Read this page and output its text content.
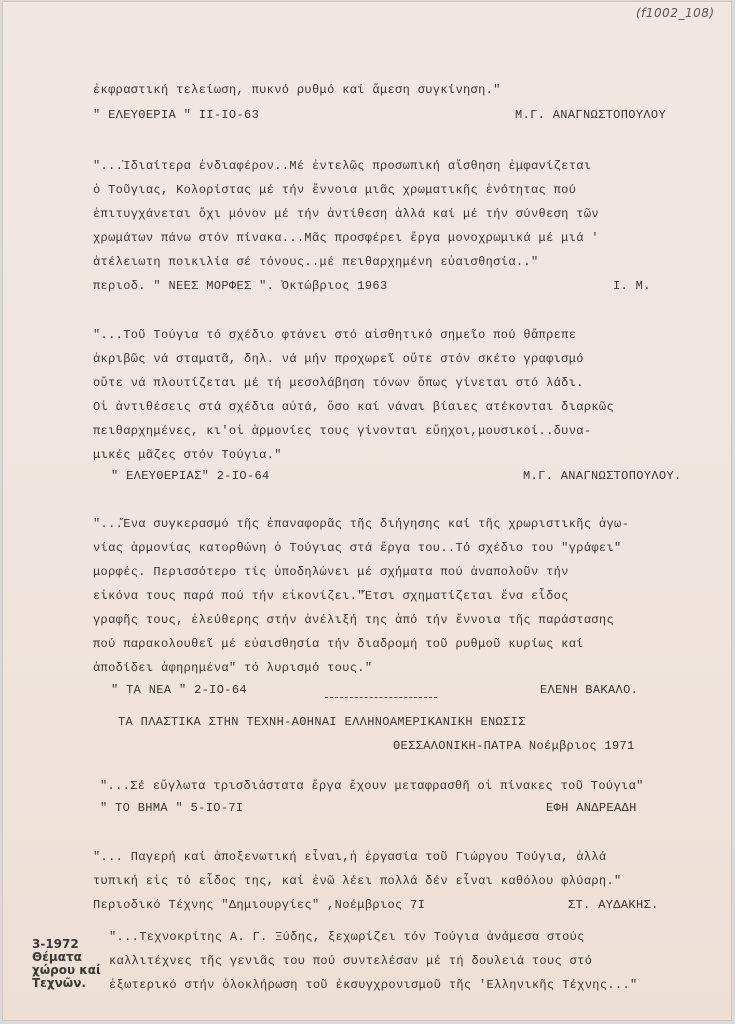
(f1002_108)
ἐκφραστική τελείωση, πυκνό ρυθμό καί ἄμεση συγκίνηση."
" ΕΛΕΥΘΕΡΙΑ " II-IO-63	Μ.Γ. ΑΝΑΓΝΩΣΤΟΠΟΥΛΟΥ
"...Ἰδιαίτερα ἐνδιαφέρον..Μέ ἐντελῶς προσωπική αἴσθηση ἐμφανίζεται
ὁ Τοῦγιας, Κολορίστας μέ τήν ἔννοια μιᾶς χρωματικῆς ἑνότητας πού
ἐπιτυγχάνεται ὄχι μόνον μέ τήν ἀντίθεση ἀλλά καί μέ τήν σύνθεση τῶν
χρωμάτων πάνω στόν πίνακα...Μᾶς προσφέρει ἔργα μονοχρωμικά μέ μιά '
ἀτέλειωτη ποικιλία σέ τόνους..μέ πειθαρχημένη εὐαισθησία.."
περιοδ. " ΝΕΕΣ ΜΟΡΦΕΣ ". Ὀκτώβριος 1963	Ι. Μ.
"...Τοῦ Τούγια τό σχέδιο φτάνει στό αἰσθητικό σημεῖο πού θἄπρεπε
ἀκριβῶς νά σταματᾶ, δηλ. νά μήν προχωρεῖ οὔτε στόν σκέτο γραφισμό
οὔτε νά πλουτίζεται μέ τή μεσολάβηση τόνων ὅπως γίνεται στό λάδι.
Οἱ ἀντιθέσεις στά σχέδια αὐτά, ὅσο καί νάναι βίαιες ατέκονται διαρκῶς
πειθαρχημένες, κι'οἱ ἁρμονίες τους γίνονται εὔηχοι,μουσικοί..δυνα-
μικές μᾶζες στόν Τούγια."
" ΕΛΕΥΘΕΡΙΑΣ" 2-IO-64	Μ.Γ. ΑΝΑΓΝΩΣΤΟΠΟΥΛΟΥ.
"...Ἕνα συγκερασμό τῆς ἐπαναφορᾶς τῆς διήγησης καί τῆς χρωριστικῆς ἀγω-
νίας ἁρμονίας κατορθώνη ὁ Τούγιας στά ἔργα του..Τό σχέδιο του "γράφει"
μορφές. Περισσότερο τίς ὑποδηλώνει μέ σχήματα πού ἀναπολοῦν τήν
εἰκόνα τους παρά πού τήν εἰκονίζει."Ἔτσι σχηματίζεται ἕνα εἶδος
γραφῆς τους, ἐλεύθερης στήν ἀνέλιξή της ἀπό τήν ἔννοια τῆς παράστασης
πού παρακολουθεῖ μέ εὐαισθησία τήν διαδρομή τοῦ ρυθμοῦ κυρίως καί
ἀποδίδει ἀφηρημένα" τό λυρισμό τους."
" ΤΑ ΝΕΑ " 2-IO-64	ΕΛΕΝΗ ΒΑΚΑΛΟ.
ΤΑ ΠΛΑΣΤΙΚΑ ΣΤΗΝ ΤΕΧΝΗ-ΑΘΗΝΑΙ ΕΛΛΗΝΟΑΜΕΡΙΚΑΝΙΚΗ ΕΝΩΣΙΣ
ΘΕΣΣΑΛΟΝΙΚΗ-ΠΑΤΡΑ Νοέμβριος 1971
"...Σέ εὔγλωτα τρισδιάστατα ἔργα ἔχουν μεταφρασθῆ οἱ πίνακες τοῦ Τούγια"
" ΤΟ ΒΗΜΑ " 5-IO-7I	ΕΦΗ ΑΝΔΡΕΑΔΗ
"... Παγερή καί ἀποξενωτική εἶναι,ἡ ἐργασία τοῦ Γιώργου Τούγια, ἀλλά
τυπική εἰς τό εἶδος της, καί ἐνῶ λέει πολλά δέν εἶναι καθόλου φλύαρη."
Περιοδικό Τέχνης "Δημιουργίες" ,Νοέμβριος 7I	ΣΤ. ΑΥΔΑΚΗΣ.
"...Τεχνοκρίτης Α. Γ. Ξύδης, ξεχωρίζει τόν Τούγια ἀνάμεσα στούς
καλλιτέχνες τῆς γενιᾶς του πού συντελέσαν μέ τή δουλειά τους στό
ἐξωτερικό στήν ὁλοκλήρωση τοῦ ἐκσυγχρονισμοῦ τῆς 'Ελληνικῆς Τέχνης..."
3-1972
Θέματα
χώρου καί
Τεχνῶν.
